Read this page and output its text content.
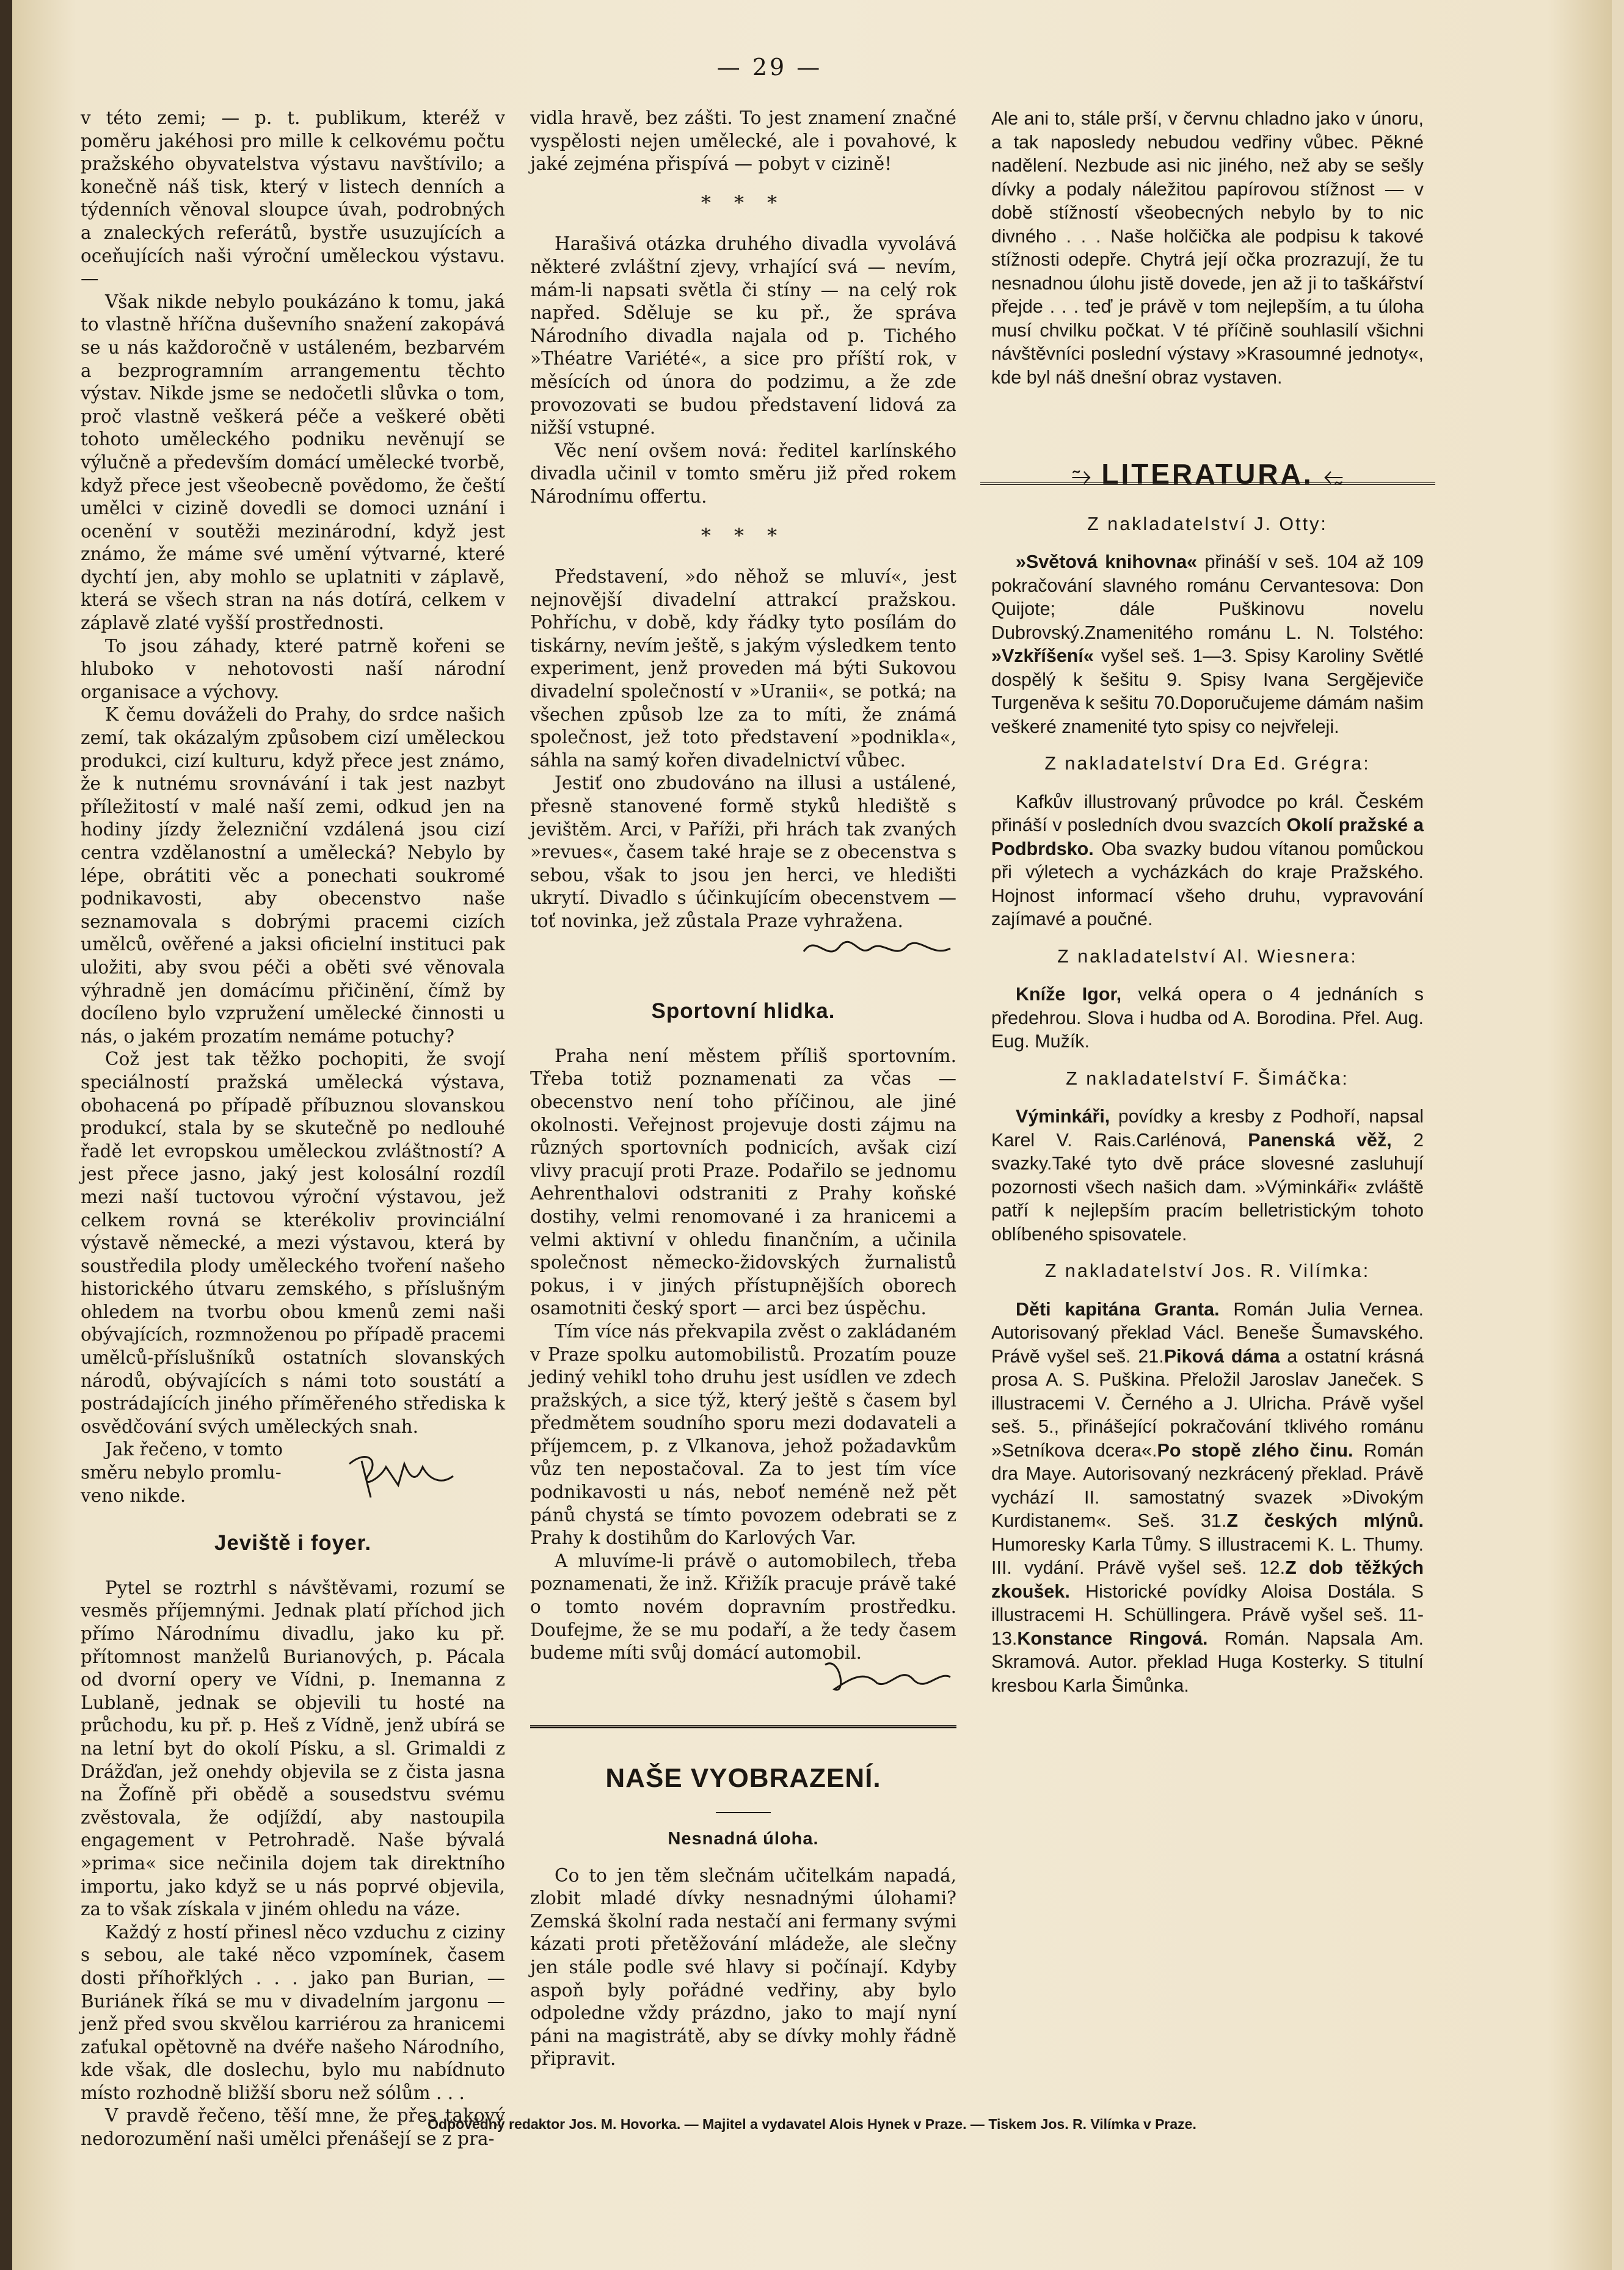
— 29 —

v této zemi; — p. t. publikum, kteréž v poměru jakéhosi pro mille k celkovému počtu pražského obyvatelstva výstavu navštívilo; a konečně náš tisk, který v listech denních a týdenních věnoval sloupce úvah, podrobných a znaleckých referátů, bystře usuzujících a oceňujících naši výroční uměleckou výstavu. —

Však nikde nebylo poukázáno k tomu, jaká to vlastně hříčna duševního snažení zakopává se u nás každoročně v ustáleném, bezbarvém a bezprogramním arrangementu těchto výstav. Nikde jsme se nedočetli slůvka o tom, proč vlastně veškerá péče a veškeré oběti tohoto uměleckého podniku nevěnují se výlučně a především domácí umělecké tvorbě, když přece jest všeobecně povědomo, že čeští umělci v cizině dovedli se domoci uznání i ocenění v soutěži mezinárodní, když jest známo, že máme své umění výtvarné, které dychtí jen, aby mohlo se uplatniti v záplavě, která se všech stran na nás dotírá, celkem v záplavě zlaté vyšší prostřednosti.

To jsou záhady, které patrně kořeni se hluboko v nehotovosti naší národní organisace a výchovy.

K čemu dováželi do Prahy, do srdce našich zemí, tak okázalým způsobem cizí uměleckou produkci, cizí kulturu, když přece jest známo, že k nutnému srovnávání i tak jest nazbyt příležitostí v malé naší zemi, odkud jen na hodiny jízdy železniční vzdálená jsou cizí centra vzdělanostní a umělecká? Nebylo by lépe, obrátiti věc a ponechati soukromé podnikavosti, aby obecenstvo naše seznamovala s dobrými pracemi cizích umělců, ověřené a jaksi oficielní instituci pak uložiti, aby svou péči a oběti své věnovala výhradně jen domácímu přičinění, čímž by docíleno bylo vzpružení umělecké činnosti u nás, o jakém prozatím nemáme potuchy?

Což jest tak těžko pochopiti, že svojí speciálností pražská umělecká výstava, obohacená po případě příbuznou slovanskou produkcí, stala by se skutečně po nedlouhé řadě let evropskou uměleckou zvláštností? A jest přece jasno, jaký jest kolosální rozdíl mezi naší tuctovou výroční výstavou, jež celkem rovná se kterékoliv provinciální výstavě německé, a mezi výstavou, která by soustředila plody uměleckého tvoření našeho historického útvaru zemského, s příslušným ohledem na tvorbu obou kmenů zemi naši obývajících, rozmnoženou po případě pracemi umělců-příslušníků ostatních slovanských národů, obývajících s námi toto soustátí a postrádajících jiného příměřeného střediska k osvědčování svých uměleckých snah.

Jak řečeno, v tomto
směru nebylo promlu-
veno nikde.
Jeviště i foyer.

Pytel se roztrhl s návštěvami, rozumí se vesměs příjemnými. Jednak platí příchod jich přímo Národnímu divadlu, jako ku př. přítomnost manželů Burianových, p. Pácala od dvorní opery ve Vídni, p. Inemanna z Lublaně, jednak se objevili tu hosté na průchodu, ku př. p. Heš z Vídně, jenž ubírá se na letní byt do okolí Písku, a sl. Grimaldi z Drážďan, jež onehdy objevila se z čista jasna na Žofíně při obědě a sousedstvu svému zvěstovala, že odjíždí, aby nastoupila engagement v Petrohradě. Naše bývalá »prima« sice nečinila dojem tak direktního importu, jako když se u nás poprvé objevila, za to však získala v jiném ohledu na váze.

Každý z hostí přinesl něco vzduchu z ciziny s sebou, ale také něco vzpomínek, časem dosti příhořklých . . . jako pan Burian, — Buriánek říká se mu v divadelním jargonu — jenž před svou skvělou karriérou za hranicemi zaťukal opětovně na dvéře našeho Národního, kde však, dle doslechu, bylo mu nabídnuto místo rozhodně bližší sboru než sólům . . .

V pravdě řečeno, těší mne, že přes takový nedorozumění naši umělci přenášejí se z pra-

vidla hravě, bez zášti. To jest znamení značné vyspělosti nejen umělecké, ale i povahové, k jaké zejména přispívá — pobyt v cizině!

* * *

Harašivá otázka druhého divadla vyvolává některé zvláštní zjevy, vrhající svá — nevím, mám-li napsati světla či stíny — na celý rok napřed. Sděluje se ku př., že správa Národního divadla najala od p. Tichého »Théatre Variété«, a sice pro příští rok, v měsících od února do podzimu, a že zde provozovati se budou představení lidová za nižší vstupné.

Věc není ovšem nová: ředitel karlínského divadla učinil v tomto směru již před rokem Národnímu offertu.

* * *

Představení, »do něhož se mluví«, jest nejnovější divadelní attrakcí pražskou. Pohříchu, v době, kdy řádky tyto posílám do tiskárny, nevím ještě, s jakým výsledkem tento experiment, jenž proveden má býti Sukovou divadelní společností v »Uranii«, se potká; na všechen způsob lze za to míti, že známá společnost, jež toto představení »podnikla«, sáhla na samý kořen divadelnictví vůbec.

Jestiť ono zbudováno na illusi a ustálené, přesně stanovené formě styků hlediště s jevištěm. Arci, v Paříži, při hrách tak zvaných »revues«, časem také hraje se z obecenstva s sebou, však to jsou jen herci, ve hledišti ukrytí. Divadlo s účinkujícím obecenstvem — toť novinka, jež zůstala Praze vyhražena.

Sportovní hlidka.

Praha není městem příliš sportovním. Třeba totiž poznamenati za včas — obecenstvo není toho příčinou, ale jiné okolnosti. Veřejnost projevuje dosti zájmu na různých sportovních podnicích, avšak cizí vlivy pracují proti Praze. Podařilo se jednomu Aehrenthalovi odstraniti z Prahy koňské dostihy, velmi renomované i za hranicemi a velmi aktivní v ohledu finančním, a učinila společnost německo-židovských žurnalistů pokus, i v jiných přístupnějších oborech osamotniti český sport — arci bez úspěchu.

Tím více nás překvapila zvěst o zakládaném v Praze spolku automobilistů. Prozatím pouze jediný vehikl toho druhu jest usídlen ve zdech pražských, a sice týž, který ještě s časem byl předmětem soudního sporu mezi dodavateli a příjemcem, p. z Vlkanova, jehož požadavkům vůz ten nepostačoval. Za to jest tím více podnikavosti u nás, neboť neméně než pět pánů chystá se tímto povozem odebrati se z Prahy k dostihům do Karlových Var.

A mluvíme-li právě o automobilech, třeba poznamenati, že inž. Křižík pracuje právě také o tomto novém dopravním prostředku. Doufejme, že se mu podaří, a že tedy časem budeme míti svůj domácí automobil.

NAŠE VYOBRAZENÍ.
Nesnadná úloha.

Co to jen těm slečnám učitelkám napadá, zlobit mladé dívky nesnadnými úlohami? Zemská školní rada nestačí ani fermany svými kázati proti přetěžování mládeže, ale slečny jen stále podle své hlavy si počínají. Kdyby aspoň byly pořádné vedřiny, aby bylo odpoledne vždy prázdno, jako to mají nyní páni na magistrátě, aby se dívky mohly řádně připravit.

Ale ani to, stále prší, v červnu chladno jako v únoru, a tak naposledy nebudou vedřiny vůbec. Pěkné nadělení. Nezbude asi nic jiného, než aby se sešly dívky a podaly náležitou papírovou stížnost — v době stížností všeobecných nebylo by to nic divného . . . Naše holčička ale podpisu k takové stížnosti odepře. Chytrá její očka prozrazují, že tu nesnadnou úlohu jistě dovede, jen až ji to taškářství přejde . . . teď je právě v tom nejlepším, a tu úloha musí chvilku počkat. V té příčině souhlasilí všichni návštěvníci poslední výstavy »Krasoumné jednoty«, kde byl náš dnešní obraz vystaven.

⥲ LITERATURA. ⥳
Z nakladatelství J. Otty:

»Světová knihovna« přináší v seš. 104 až 109 pokračování slavného románu Cervantesova: Don Quijote; dále Puškinovu novelu Dubrovský.Znamenitého románu L. N. Tolstého: »Vzkříšení« vyšel seš. 1—3. Spisy Karoliny Světlé dospělý k šešitu 9. Spisy Ivana Sergějeviče Turgeněva k sešitu 70.Doporučujeme dámám našim veškeré znamenité tyto spisy co nejvřeleji.

Z nakladatelství Dra Ed. Grégra:

Kafkův illustrovaný průvodce po král. Českém přináší v posledních dvou svazcích Okolí pražské a Podbrdsko. Oba svazky budou vítanou pomůckou při výletech a vycházkách do kraje Pražského. Hojnost informací všeho druhu, vypravování zajímavé a poučné.

Z nakladatelství Al. Wiesnera:

Kníže Igor, velká opera o 4 jednáních s předehrou. Slova i hudba od A. Borodina. Přel. Aug. Eug. Mužík.

Z nakladatelství F. Šimáčka:

Výminkáři, povídky a kresby z Podhoří, napsal Karel V. Rais.Carlénová, Panenská věž, 2 svazky.Také tyto dvě práce slovesné zasluhují pozornosti všech našich dam. »Výminkáři« zvláště patří k nejlepším pracím belletristickým tohoto oblíbeného spisovatele.

Z nakladatelství Jos. R. Vilímka:

Děti kapitána Granta. Román Julia Vernea. Autorisovaný překlad Václ. Beneše Šumavského. Právě vyšel seš. 21.Piková dáma a ostatní krásná prosa A. S. Puškina. Přeložil Jaroslav Janeček. S illustracemi V. Černého a J. Ulricha. Právě vyšel seš. 5., přinášející pokračování tklivého románu »Setníkova dcera«.Po stopě zlého činu. Román dra Maye. Autorisovaný nezkrácený překlad. Právě vychází II. samostatný svazek »Divokým Kurdistanem«. Seš. 31.Z českých mlýnů. Humoresky Karla Tůmy. S illustracemi K. L. Thumy. III. vydání. Právě vyšel seš. 12.Z dob těžkých zkoušek. Historické povídky Aloisa Dostála. S illustracemi H. Schüllingera. Právě vyšel seš. 11-13.Konstance Ringová. Román. Napsala Am. Skramová. Autor. překlad Huga Kosterky. S titulní kresbou Karla Šimůnka.

Odpovědný redaktor Jos. M. Hovorka. — Majitel a vydavatel Alois Hynek v Praze. — Tiskem Jos. R. Vilímka v Praze.
